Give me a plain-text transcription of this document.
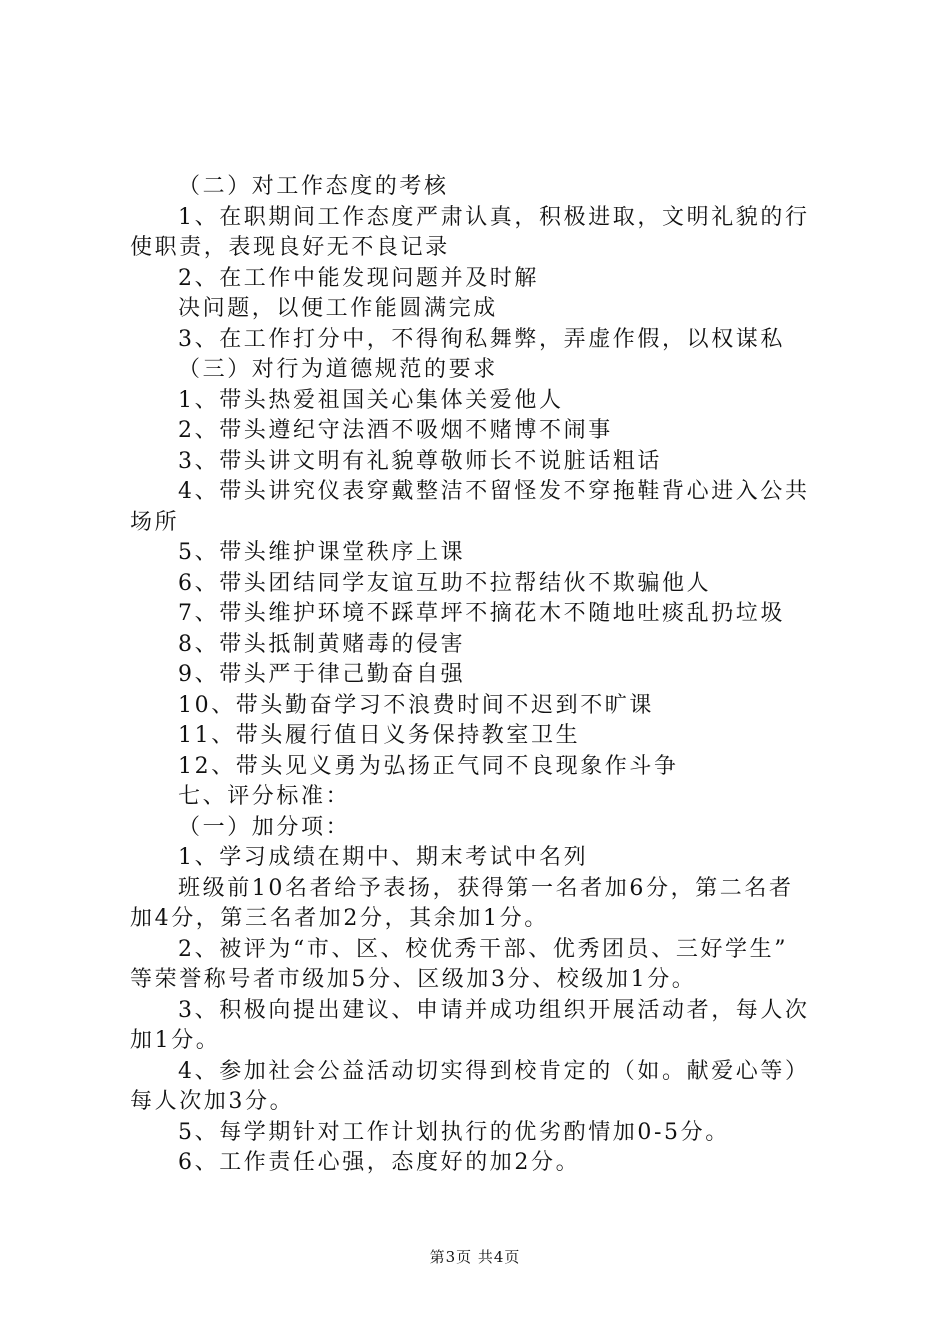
（二）对工作态度的考核
1、在职期间工作态度严肃认真，积极进取，文明礼貌的行
使职责，表现良好无不良记录
2、在工作中能发现问题并及时解
决问题，以便工作能圆满完成
3、在工作打分中，不得徇私舞弊，弄虚作假，以权谋私
（三）对行为道德规范的要求
1、带头热爱祖国关心集体关爱他人
2、带头遵纪守法酒不吸烟不赌博不闹事
3、带头讲文明有礼貌尊敬师长不说脏话粗话
4、带头讲究仪表穿戴整洁不留怪发不穿拖鞋背心进入公共
场所
5、带头维护课堂秩序上课
6、带头团结同学友谊互助不拉帮结伙不欺骗他人
7、带头维护环境不踩草坪不摘花木不随地吐痰乱扔垃圾
8、带头抵制黄赌毒的侵害
9、带头严于律己勤奋自强
10、带头勤奋学习不浪费时间不迟到不旷课
11、带头履行值日义务保持教室卫生
12、带头见义勇为弘扬正气同不良现象作斗争
七、评分标准：
（一）加分项：
1、学习成绩在期中、期末考试中名列
班级前10名者给予表扬，获得第一名者加6分，第二名者
加4分，第三名者加2分，其余加1分。
2、被评为“市、区、校优秀干部、优秀团员、三好学生”
等荣誉称号者市级加5分、区级加3分、校级加1分。
3、积极向提出建议、申请并成功组织开展活动者，每人次
加1分。
4、参加社会公益活动切实得到校肯定的（如。献爱心等）
每人次加3分。
5、每学期针对工作计划执行的优劣酌情加0-5分。
6、工作责任心强，态度好的加2分。
第3页 共4页
